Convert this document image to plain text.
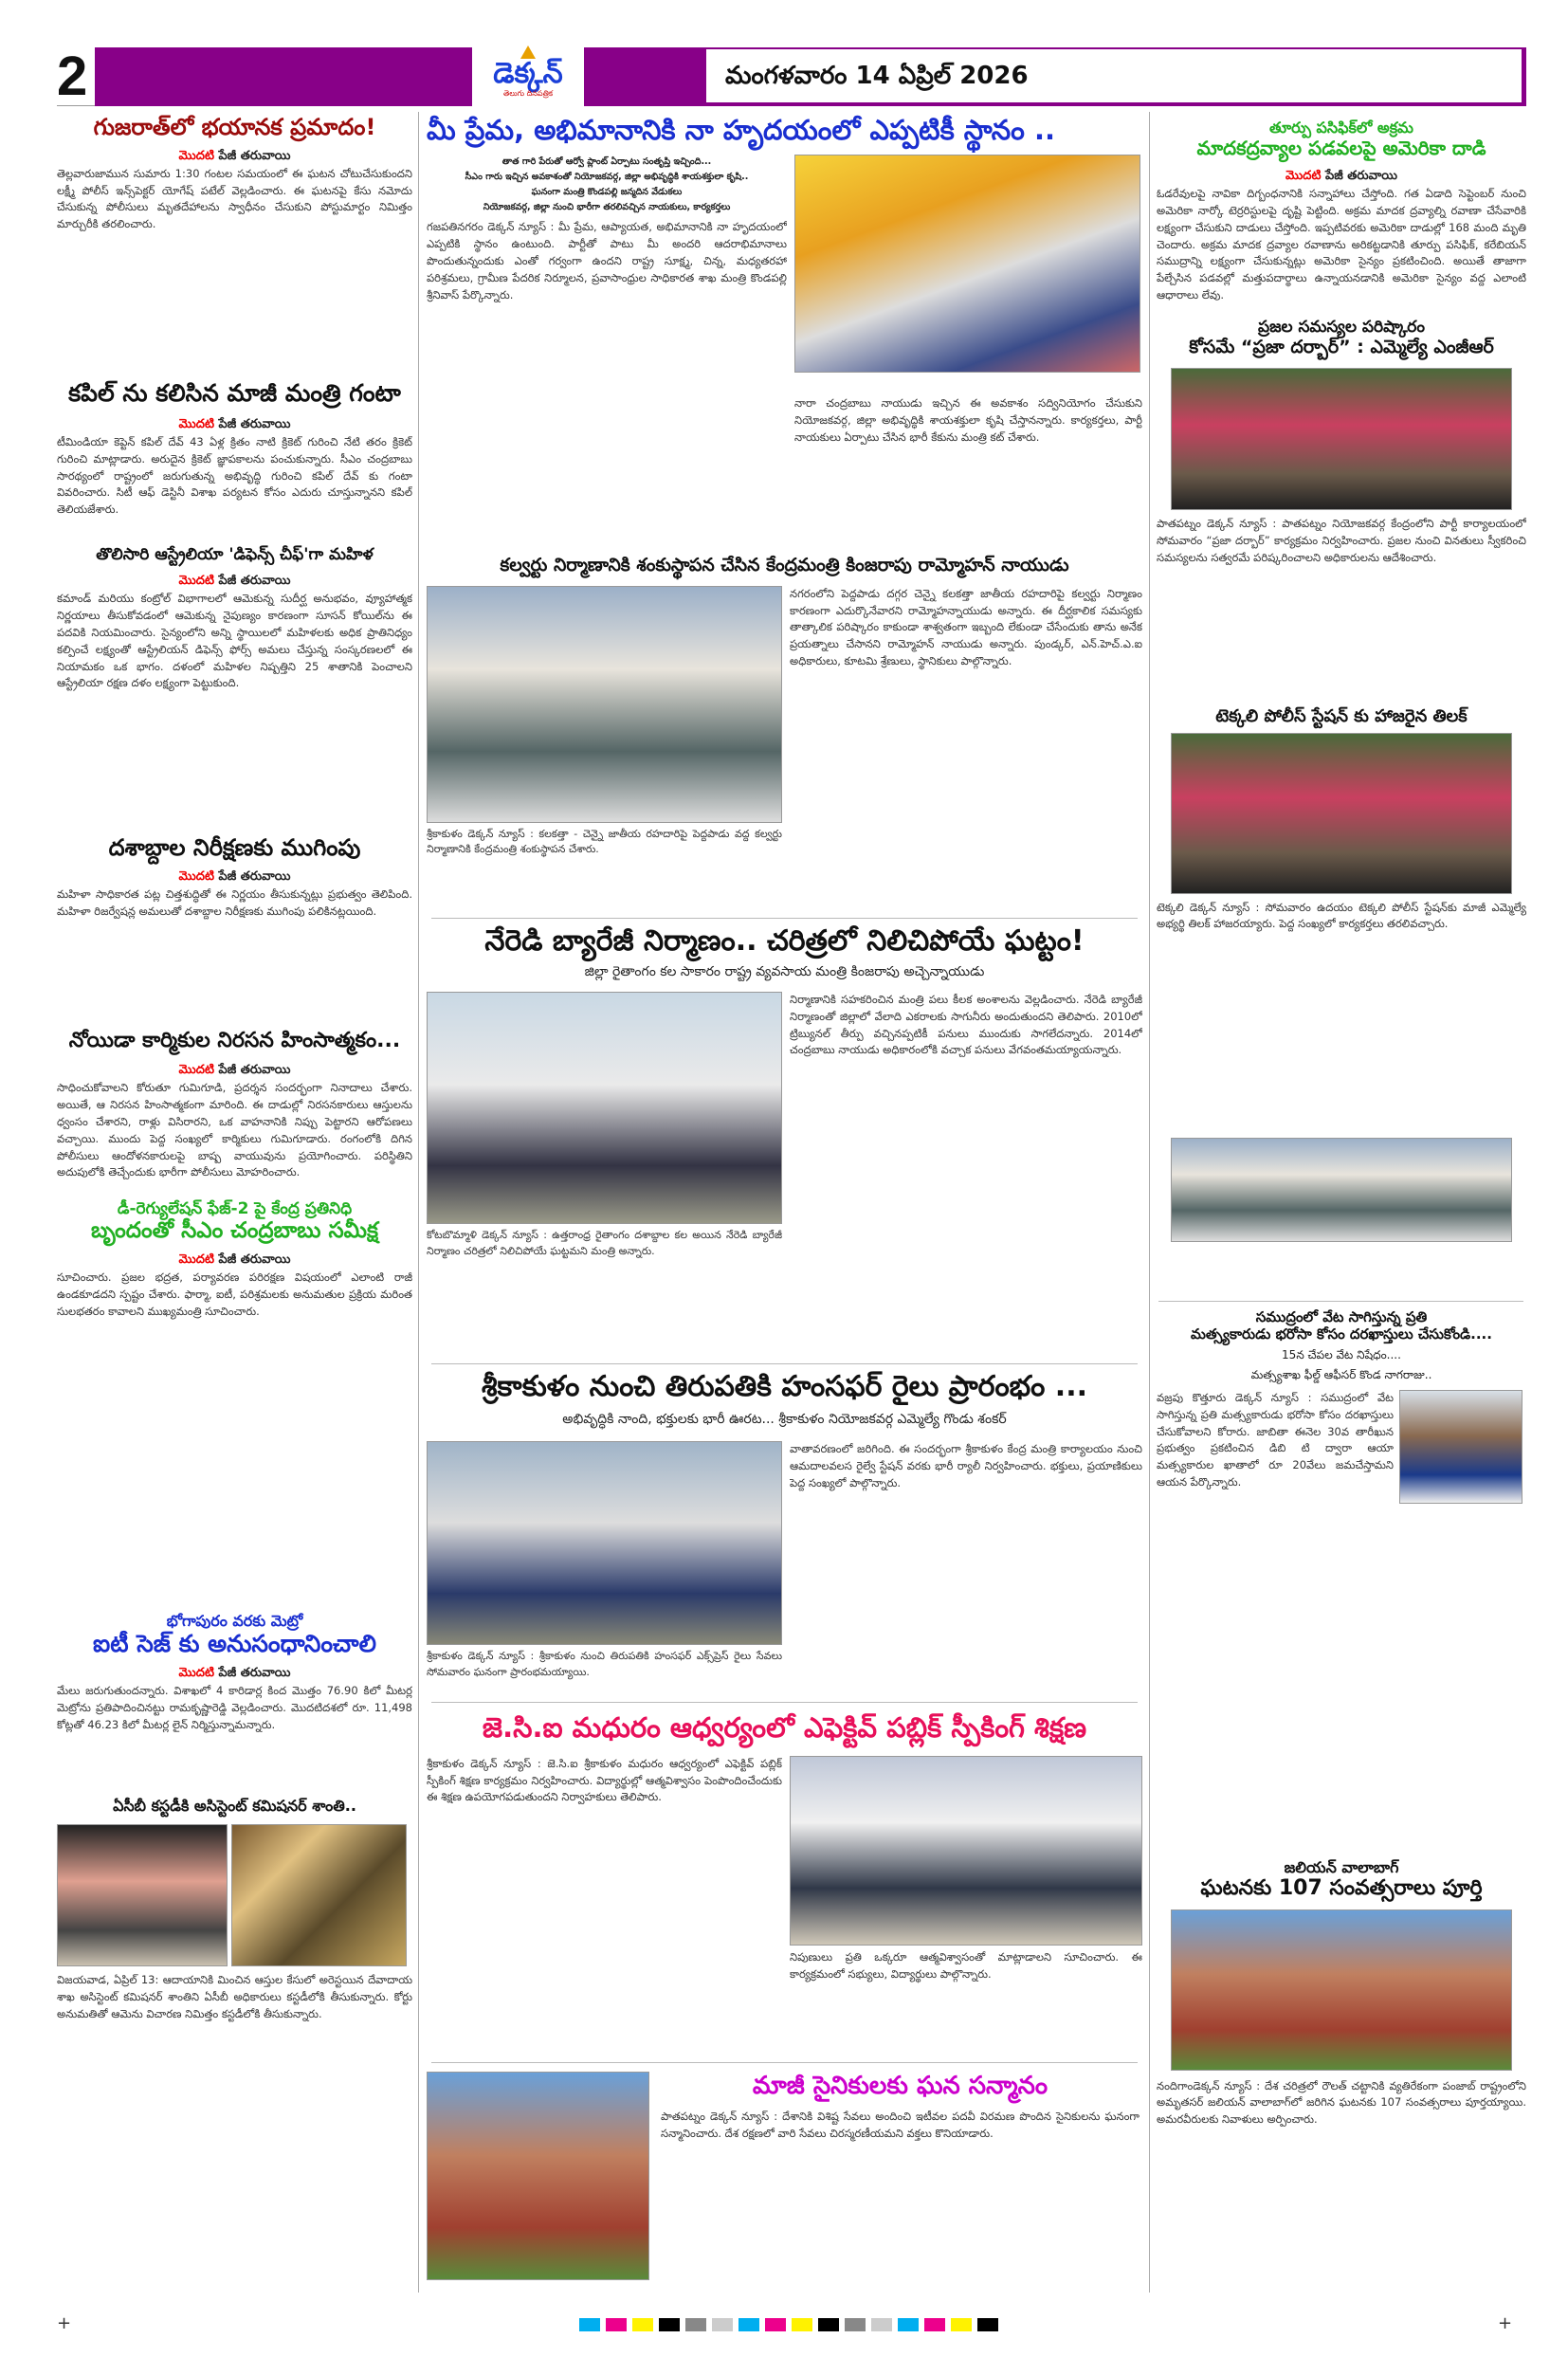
2	డెక్కన్
తెలుగు దినపత్రిక
మంగళవారం 14 ఏప్రిల్ 2026
గుజరాత్‌లో భయానక ప్రమాదం!
మొదటి పేజీ తరువాయి
తెల్లవారుజామున సుమారు 1:30 గంటల సమయంలో ఈ ఘటన చోటుచేసుకుందని లక్ష్మీ పోలీస్ ఇన్స్‌పెక్టర్ యోగేష్ పటేల్ వెల్లడించారు. ఈ ఘటనపై కేసు నమోదు చేసుకున్న పోలీసులు మృతదేహాలను స్వాధీనం చేసుకుని పోస్టుమార్టం నిమిత్తం మార్చురీకి తరలించారు.
కపిల్ ను కలిసిన మాజీ మంత్రి గంటా
మొదటి పేజీ తరువాయి
టీమిండియా కెప్టెన్ కపిల్ దేవ్ 43 ఏళ్ల క్రితం నాటి క్రికెట్ గురించి నేటి తరం క్రికెట్ గురించి మాట్లాడారు. అరుదైన క్రికెట్ జ్ఞాపకాలను పంచుకున్నారు. సీఎం చంద్రబాబు సారథ్యంలో రాష్ట్రంలో జరుగుతున్న అభివృద్ధి గురించి కపిల్ దేవ్ కు గంటా వివరించారు. సిటీ ఆఫ్ డెస్టినీ విశాఖ పర్యటన కోసం ఎదురు చూస్తున్నానని కపిల్ తెలియజేశారు.
తొలిసారి ఆస్ట్రేలియా 'డిఫెన్స్ చీఫ్'గా మహిళ
మొదటి పేజీ తరువాయి
కమాండ్ మరియు కంట్రోల్ విభాగాలలో ఆమెకున్న సుదీర్ఘ అనుభవం, వ్యూహాత్మక నిర్ణయాలు తీసుకోవడంలో ఆమెకున్న నైపుణ్యం కారణంగా సూసన్ కోయిల్‌ను ఈ పదవికి నియమించారు. సైన్యంలోని అన్ని స్థాయిలలో మహిళలకు అధిక ప్రాతినిధ్యం కల్పించే లక్ష్యంతో ఆస్ట్రేలియన్ డిఫెన్స్ ఫోర్స్ అమలు చేస్తున్న సంస్కరణలలో ఈ నియామకం ఒక భాగం. దళంలో మహిళల నిష్పత్తిని 25 శాతానికి పెంచాలని ఆస్ట్రేలియా రక్షణ దళం లక్ష్యంగా పెట్టుకుంది.
దశాబ్దాల నిరీక్షణకు ముగింపు
మొదటి పేజీ తరువాయి
మహిళా సాధికారత పట్ల చిత్తశుద్ధితో ఈ నిర్ణయం తీసుకున్నట్లు ప్రభుత్వం తెలిపింది. మహిళా రిజర్వేషన్ల అమలుతో దశాబ్దాల నిరీక్షణకు ముగింపు పలికినట్లయింది.
నోయిడా కార్మికుల నిరసన హింసాత్మకం...
మొదటి పేజీ తరువాయి
సాధించుకోవాలని కోరుతూ గుమిగూడి, ప్రదర్శన సందర్భంగా నినాదాలు చేశారు. అయితే, ఆ నిరసన హింసాత్మకంగా మారింది. ఈ దాడుల్లో నిరసనకారులు ఆస్తులను ధ్వంసం చేశారని, రాళ్లు విసిరారని, ఒక వాహనానికి నిప్పు పెట్టారని ఆరోపణలు వచ్చాయి. ముందు పెద్ద సంఖ్యలో కార్మికులు గుమిగూడారు. రంగంలోకి దిగిన పోలీసులు ఆందోళనకారులపై బాష్ప వాయువును ప్రయోగించారు. పరిస్థితిని అదుపులోకి తెచ్చేందుకు భారీగా పోలీసులు మోహరించారు.
డీ-రెగ్యులేషన్ ఫేజ్-2 పై కేంద్ర ప్రతినిధి
బృందంతో సీఎం చంద్రబాబు సమీక్ష
మొదటి పేజీ తరువాయి
సూచించారు. ప్రజల భద్రత, పర్యావరణ పరిరక్షణ విషయంలో ఎలాంటి రాజీ ఉండకూడదని స్పష్టం చేశారు. ఫార్మా, ఐటీ, పరిశ్రమలకు అనుమతుల ప్రక్రియ మరింత సులభతరం కావాలని ముఖ్యమంత్రి సూచించారు.
భోగాపురం వరకు మెట్రో
ఐటీ సెజ్ కు అనుసంధానించాలి
మొదటి పేజీ తరువాయి
మేలు జరుగుతుందన్నారు. విశాఖలో 4 కారిడార్ల కింద మొత్తం 76.90 కిలో మీటర్ల మెట్రోను ప్రతిపాదించినట్టు రామకృష్ణారెడ్డి వెల్లడించారు. మొదటిదశలో రూ. 11,498 కోట్లతో 46.23 కిలో మీటర్ల లైన్ నిర్మిస్తున్నామన్నారు.
ఏసీబీ కస్టడీకి అసిస్టెంట్ కమిషనర్ శాంతి..
విజయవాడ, ఏప్రిల్ 13: ఆదాయానికి మించిన ఆస్తుల కేసులో అరెస్టయిన దేవాదాయ శాఖ అసిస్టెంట్ కమిషనర్ శాంతిని ఏసీబీ అధికారులు కస్టడీలోకి తీసుకున్నారు. కోర్టు అనుమతితో ఆమెను విచారణ నిమిత్తం కస్టడీలోకి తీసుకున్నారు.
మీ ప్రేమ, అభిమానానికి నా హృదయంలో ఎప్పటికీ స్థానం ..
తాత గారి పేరుతో ఆర్వో ప్లాంట్ ఏర్పాటు సంతృప్తి ఇచ్చింది...
సీఎం గారు ఇచ్చిన అవకాశంతో నియోజకవర్గ, జిల్లా అభివృద్ధికి శాయశక్తులా కృషి..
ఘనంగా మంత్రి కొండపల్లి జన్మదిన వేడుకలు
నియోజకవర్గ, జిల్లా నుంచి భారీగా తరలివచ్చిన నాయకులు, కార్యకర్తలు
గజపతినగరం డెక్కన్ న్యూస్ : మీ ప్రేమ, ఆప్యాయత, అభిమానానికి నా హృదయంలో ఎప్పటికి స్థానం ఉంటుంది. పార్టీతో పాటు మీ అందరి ఆదరాభిమానాలు పొందుతున్నందుకు ఎంతో గర్వంగా ఉందని రాష్ట్ర సూక్ష్మ, చిన్న, మధ్యతరహా పరిశ్రమలు, గ్రామీణ పేదరిక నిర్మూలన, ప్రవాసాంధ్రుల సాధికారత శాఖ మంత్రి కొండపల్లి శ్రీనివాస్ పేర్కొన్నారు.
నారా చంద్రబాబు నాయుడు ఇచ్చిన ఈ అవకాశం సద్వినియోగం చేసుకుని నియోజకవర్గ, జిల్లా అభివృద్ధికి శాయశక్తులా కృషి చేస్తానన్నారు. కార్యకర్తలు, పార్టీ నాయకులు ఏర్పాటు చేసిన భారీ కేకును మంత్రి కట్ చేశారు.
కల్వర్టు నిర్మాణానికి శంకుస్థాపన చేసిన కేంద్రమంత్రి కింజరాపు రామ్మోహన్ నాయుడు
శ్రీకాకుళం డెక్కన్ న్యూస్ : కలకత్తా - చెన్నై జాతీయ రహదారిపై పెద్దపాడు వద్ద కల్వర్టు నిర్మాణానికి కేంద్రమంత్రి శంకుస్థాపన చేశారు.
నగరంలోని పెద్దపాడు దగ్గర చెన్నై కలకత్తా జాతీయ రహదారిపై కల్వర్టు నిర్మాణం కారణంగా ఎదుర్కొనేవారని రామ్మోహన్నాయుడు అన్నారు. ఈ దీర్ఘకాలిక సమస్యకు తాత్కాలిక పరిష్కారం కాకుండా శాశ్వతంగా ఇబ్బంది లేకుండా చేసేందుకు తాను అనేక ప్రయత్నాలు చేసానని రామ్మోహన్ నాయుడు అన్నారు. పుండ్కర్, ఎన్.హెచ్.ఎ.ఐ అధికారులు, కూటమి శ్రేణులు, స్థానికులు పాల్గొన్నారు.
నేరెడి బ్యారేజీ నిర్మాణం.. చరిత్రలో నిలిచిపోయే ఘట్టం!
జిల్లా రైతాంగం కల సాకారం రాష్ట్ర వ్యవసాయ మంత్రి కింజరాపు అచ్చెన్నాయుడు
కోటబొమ్మాళి డెక్కన్ న్యూస్ : ఉత్తరాంధ్ర రైతాంగం దశాబ్దాల కల అయిన నేరెడి బ్యారేజీ నిర్మాణం చరిత్రలో నిలిచిపోయే ఘట్టమని మంత్రి అన్నారు.
నిర్మాణానికి సహకరించిన మంత్రి పలు కీలక అంశాలను వెల్లడించారు. నేరెడి బ్యారేజీ నిర్మాణంతో జిల్లాలో వేలాది ఎకరాలకు సాగునీరు అందుతుందని తెలిపారు. 2010లో ట్రిబ్యునల్ తీర్పు వచ్చినప్పటికీ పనులు ముందుకు సాగలేదన్నారు. 2014లో చంద్రబాబు నాయుడు అధికారంలోకి వచ్చాక పనులు వేగవంతమయ్యాయన్నారు.
శ్రీకాకుళం నుంచి తిరుపతికి హంసఫర్ రైలు ప్రారంభం ...
అభివృద్ధికి నాంది, భక్తులకు భారీ ఊరట... శ్రీకాకుళం నియోజకవర్గ ఎమ్మెల్యే గొండు శంకర్
శ్రీకాకుళం డెక్కన్ న్యూస్ : శ్రీకాకుళం నుంచి తిరుపతికి హంసఫర్ ఎక్స్‌ప్రెస్ రైలు సేవలు సోమవారం ఘనంగా ప్రారంభమయ్యాయి.
వాతావరణంలో జరిగింది. ఈ సందర్భంగా శ్రీకాకుళం కేంద్ర మంత్రి కార్యాలయం నుంచి ఆమదాలవలస రైల్వే స్టేషన్ వరకు భారీ ర్యాలీ నిర్వహించారు. భక్తులు, ప్రయాణికులు పెద్ద సంఖ్యలో పాల్గొన్నారు.
జె.సి.ఐ మధురం ఆధ్వర్యంలో ఎఫెక్టివ్ పబ్లిక్ స్పీకింగ్ శిక్షణ
శ్రీకాకుళం డెక్కన్ న్యూస్ : జె.సి.ఐ శ్రీకాకుళం మధురం ఆధ్వర్యంలో ఎఫెక్టివ్ పబ్లిక్ స్పీకింగ్ శిక్షణ కార్యక్రమం నిర్వహించారు. విద్యార్థుల్లో ఆత్మవిశ్వాసం పెంపొందించేందుకు ఈ శిక్షణ ఉపయోగపడుతుందని నిర్వాహకులు తెలిపారు.
నిపుణులు ప్రతి ఒక్కరూ ఆత్మవిశ్వాసంతో మాట్లాడాలని సూచించారు. ఈ కార్యక్రమంలో సభ్యులు, విద్యార్థులు పాల్గొన్నారు.
మాజీ సైనికులకు ఘన సన్మానం
పాతపట్నం డెక్కన్ న్యూస్ : దేశానికి విశిష్ట సేవలు అందించి ఇటీవల పదవీ విరమణ పొందిన సైనికులను ఘనంగా సన్మానించారు. దేశ రక్షణలో వారి సేవలు చిరస్మరణీయమని వక్తలు కొనియాడారు.
తూర్పు పసిఫిక్‌లో అక్రమ
మాదకద్రవ్యాల పడవలపై అమెరికా దాడి
మొదటి పేజీ తరువాయి
ఓడరేవులపై నావికా దిగ్బంధనానికి సన్నాహాలు చేస్తోంది. గత ఏడాది సెప్టెంబర్ నుంచి అమెరికా నార్కో టెర్రరిస్టులపై దృష్టి పెట్టింది. అక్రమ మాదక ద్రవ్యాల్ని రవాణా చేసేవారికి లక్ష్యంగా చేసుకుని దాడులు చేస్తోంది. ఇప్పటివరకు అమెరికా దాడుల్లో 168 మంది మృతి చెందారు. అక్రమ మాదక ద్రవ్యాల రవాణాను అరికట్టడానికి తూర్పు పసిఫిక్, కరేబియన్ సముద్రాన్ని లక్ష్యంగా చేసుకున్నట్లు అమెరికా సైన్యం ప్రకటించింది. అయితే తాజాగా పేల్చేసిన పడవల్లో మత్తుపదార్థాలు ఉన్నాయనడానికి అమెరికా సైన్యం వద్ద ఎలాంటి ఆధారాలు లేవు.
ప్రజల సమస్యల పరిష్కారం
కోసమే “ప్రజా దర్బార్” : ఎమ్మెల్యే ఎంజీఆర్
పాతపట్నం డెక్కన్ న్యూస్ : పాతపట్నం నియోజకవర్గ కేంద్రంలోని పార్టీ కార్యాలయంలో సోమవారం “ప్రజా దర్బార్” కార్యక్రమం నిర్వహించారు. ప్రజల నుంచి వినతులు స్వీకరించి సమస్యలను సత్వరమే పరిష్కరించాలని అధికారులను ఆదేశించారు.
టెక్కలి పోలీస్ స్టేషన్ కు హాజరైన తిలక్
టెక్కలి డెక్కన్ న్యూస్ : సోమవారం ఉదయం టెక్కలి పోలీస్ స్టేషన్‌కు మాజీ ఎమ్మెల్యే అభ్యర్థి తిలక్ హాజరయ్యారు. పెద్ద సంఖ్యలో కార్యకర్తలు తరలివచ్చారు.
సముద్రంలో వేట సాగిస్తున్న ప్రతి
మత్స్యకారుడు భరోసా కోసం దరఖాస్తులు చేసుకోండి....
15న చేపల వేట నిషేధం....
మత్స్యశాఖ ఫీల్డ్ ఆఫీసర్ కొండ నాగరాజు..
వజ్రపు కొత్తూరు డెక్కన్ న్యూస్ : సముద్రంలో వేట సాగిస్తున్న ప్రతి మత్స్యకారుడు భరోసా కోసం దరఖాస్తులు చేసుకోవాలని కోరారు. జాబితా ఈనెల 30వ తారీఖున ప్రభుత్వం ప్రకటించిన డిబి టి ద్వారా ఆయా మత్స్యకారుల ఖాతాలో రూ 20వేలు జమచేస్తామని ఆయన పేర్కొన్నారు.
జలియన్ వాలాబాగ్
ఘటనకు 107 సంవత్సరాలు పూర్తి
నందిగాండెక్కన్ న్యూస్ : దేశ చరిత్రలో రౌలత్ చట్టానికి వ్యతిరేకంగా పంజాబ్ రాష్ట్రంలోని అమృతసర్ జలియన్ వాలాబాగ్‌లో జరిగిన ఘటనకు 107 సంవత్సరాలు పూర్తయ్యాయి. అమరవీరులకు నివాళులు అర్పించారు.
+	+
